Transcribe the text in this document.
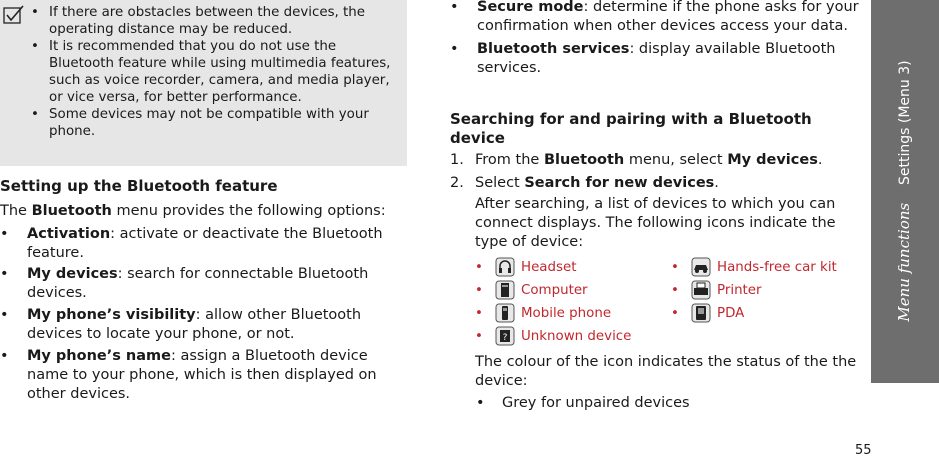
• If there are obstacles between the devices, the operating distance may be reduced.
• It is recommended that you do not use the Bluetooth feature while using multimedia features, such as voice recorder, camera, and media player, or vice versa, for better performance.
• Some devices may not be compatible with your phone.
Setting up the Bluetooth feature
The Bluetooth menu provides the following options:
• Activation: activate or deactivate the Bluetooth feature.
• My devices: search for connectable Bluetooth devices.
• My phone’s visibility: allow other Bluetooth devices to locate your phone, or not.
• My phone’s name: assign a Bluetooth device name to your phone, which is then displayed on other devices.
• Secure mode: determine if the phone asks for your confirmation when other devices access your data.
• Bluetooth services: display available Bluetooth services.
Searching for and pairing with a Bluetooth device
1. From the Bluetooth menu, select My devices.
2. Select Search for new devices.
After searching, a list of devices to which you can connect displays. The following icons indicate the type of device:
•	Headset	•	Hands-free car kit
•	Computer	•	Printer
•	Mobile phone	•	PDA
•	? Unknown device
The colour of the icon indicates the status of the the device:
• Grey for unpaired devices
Menu functions    Settings (Menu 3)
55
